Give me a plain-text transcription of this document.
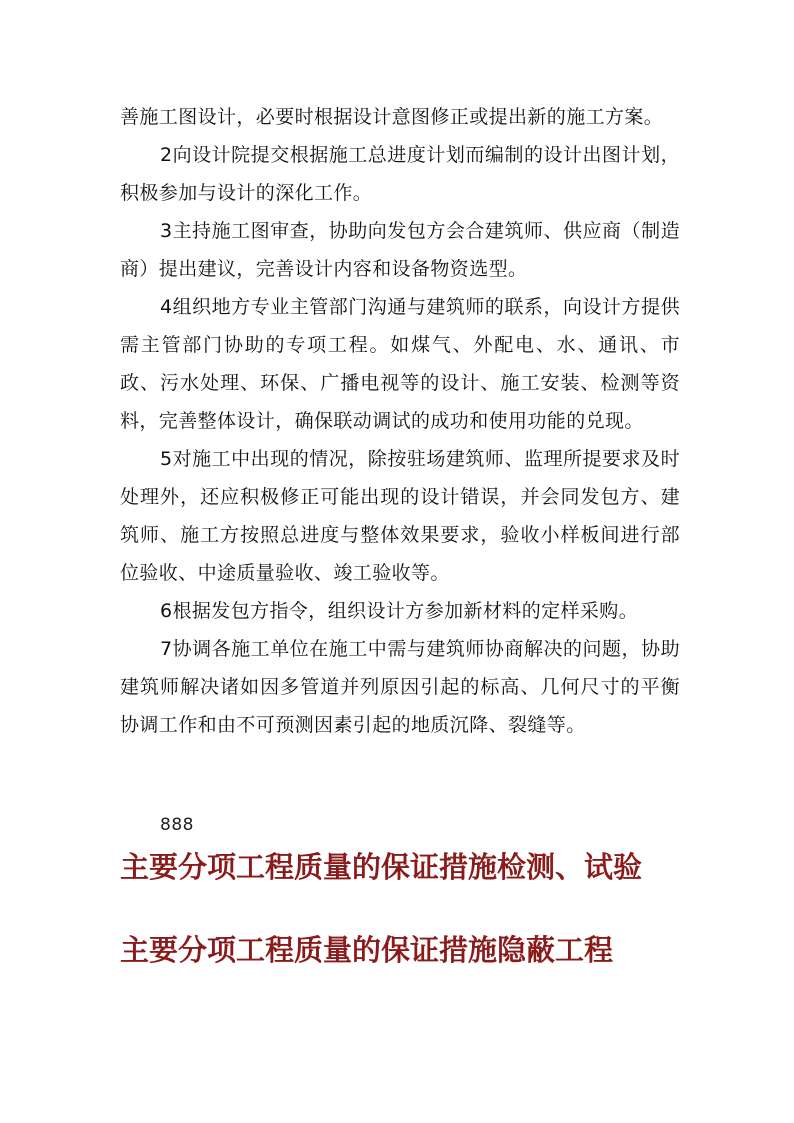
善施工图设计，必要时根据设计意图修正或提出新的施工方案。

2向设计院提交根据施工总进度计划而编制的设计出图计划，积极参加与设计的深化工作。

3主持施工图审查，协助向发包方会合建筑师、供应商（制造商）提出建议，完善设计内容和设备物资选型。

4组织地方专业主管部门沟通与建筑师的联系，向设计方提供需主管部门协助的专项工程。如煤气、外配电、水、通讯、市政、污水处理、环保、广播电视等的设计、施工安装、检测等资料，完善整体设计，确保联动调试的成功和使用功能的兑现。

5对施工中出现的情况，除按驻场建筑师、监理所提要求及时处理外，还应积极修正可能出现的设计错误，并会同发包方、建筑师、施工方按照总进度与整体效果要求，验收小样板间进行部位验收、中途质量验收、竣工验收等。

6根据发包方指令，组织设计方参加新材料的定样采购。

7协调各施工单位在施工中需与建筑师协商解决的问题，协助建筑师解决诸如因多管道并列原因引起的标高、几何尺寸的平衡协调工作和由不可预测因素引起的地质沉降、裂缝等。

888
主要分项工程质量的保证措施检测、试验
主要分项工程质量的保证措施隐蔽工程
